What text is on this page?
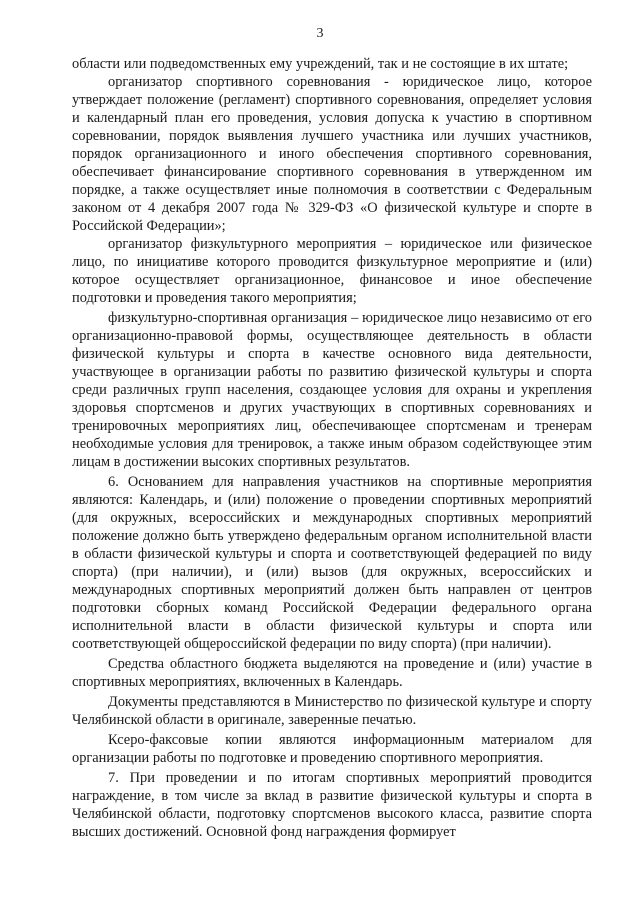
3

области или подведомственных ему учреждений, так и не состоящие в их штате;

организатор спортивного соревнования - юридическое лицо, которое утверждает положение (регламент) спортивного соревнования, определяет условия и календарный план его проведения, условия допуска к участию в спортивном соревновании, порядок выявления лучшего участника или лучших участников, порядок организационного и иного обеспечения спортивного соревнования, обеспечивает финансирование спортивного соревнования в утвержденном им порядке, а также осуществляет иные полномочия в соответствии с Федеральным законом от 4 декабря 2007 года № 329-ФЗ «О физической культуре и спорте в Российской Федерации»;

организатор физкультурного мероприятия – юридическое или физическое лицо, по инициативе которого проводится физкультурное мероприятие и (или) которое осуществляет организационное, финансовое и иное обеспечение подготовки и проведения такого мероприятия;

физкультурно-спортивная организация – юридическое лицо независимо от его организационно-правовой формы, осуществляющее деятельность в области физической культуры и спорта в качестве основного вида деятельности, участвующее в организации работы по развитию физической культуры и спорта среди различных групп населения, создающее условия для охраны и укрепления здоровья спортсменов и других участвующих в спортивных соревнованиях и тренировочных мероприятиях лиц, обеспечивающее спортсменам и тренерам необходимые условия для тренировок, а также иным образом содействующее этим лицам в достижении высоких спортивных результатов.

6. Основанием для направления участников на спортивные мероприятия являются: Календарь, и (или) положение о проведении спортивных мероприятий (для окружных, всероссийских и международных спортивных мероприятий положение должно быть утверждено федеральным органом исполнительной власти в области физической культуры и спорта и соответствующей федерацией по виду спорта) (при наличии), и (или) вызов (для окружных, всероссийских и международных спортивных мероприятий должен быть направлен от центров подготовки сборных команд Российской Федерации федерального органа исполнительной власти в области физической культуры и спорта или соответствующей общероссийской федерации по виду спорта) (при наличии).

Средства областного бюджета выделяются на проведение и (или) участие в спортивных мероприятиях, включенных в Календарь.

Документы представляются в Министерство по физической культуре и спорту Челябинской области в оригинале, заверенные печатью.

Ксеро-факсовые копии являются информационным материалом для организации работы по подготовке и проведению спортивного мероприятия.

7. При проведении и по итогам спортивных мероприятий проводится награждение, в том числе за вклад в развитие физической культуры и спорта в Челябинской области, подготовку спортсменов высокого класса, развитие спорта высших достижений. Основной фонд награждения формирует
